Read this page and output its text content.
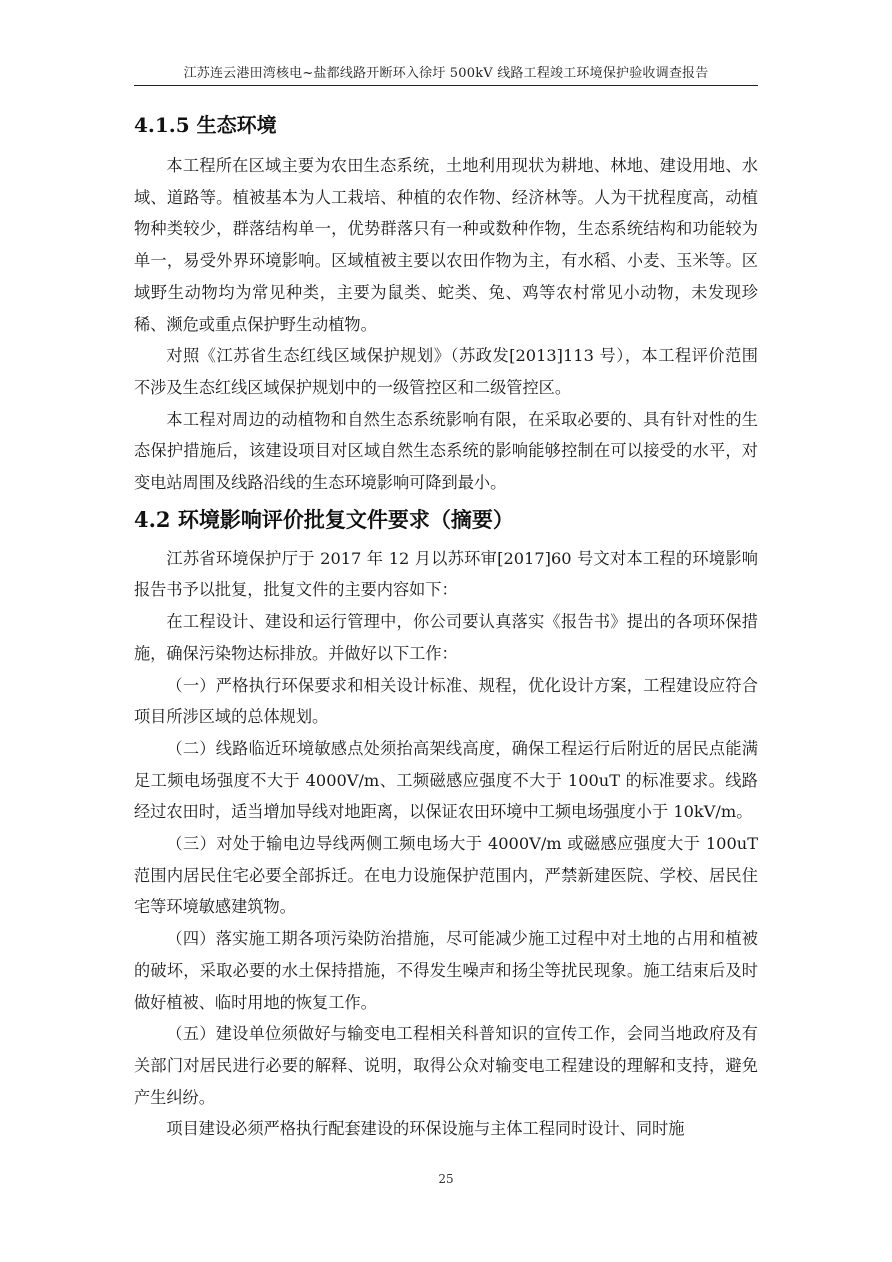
江苏连云港田湾核电~盐都线路开断环入徐圩 500kV 线路工程竣工环境保护验收调查报告
4.1.5 生态环境

本工程所在区域主要为农田生态系统，土地利用现状为耕地、林地、建设用地、水域、道路等。植被基本为人工栽培、种植的农作物、经济林等。人为干扰程度高，动植物种类较少，群落结构单一，优势群落只有一种或数种作物，生态系统结构和功能较为单一，易受外界环境影响。区域植被主要以农田作物为主，有水稻、小麦、玉米等。区域野生动物均为常见种类，主要为鼠类、蛇类、兔、鸡等农村常见小动物，未发现珍稀、濒危或重点保护野生动植物。

对照《江苏省生态红线区域保护规划》（苏政发[2013]113 号），本工程评价范围不涉及生态红线区域保护规划中的一级管控区和二级管控区。

本工程对周边的动植物和自然生态系统影响有限，在采取必要的、具有针对性的生态保护措施后，该建设项目对区域自然生态系统的影响能够控制在可以接受的水平，对变电站周围及线路沿线的生态环境影响可降到最小。

4.2 环境影响评价批复文件要求（摘要）

江苏省环境保护厅于 2017 年 12 月以苏环审[2017]60 号文对本工程的环境影响报告书予以批复，批复文件的主要内容如下：

在工程设计、建设和运行管理中，你公司要认真落实《报告书》提出的各项环保措施，确保污染物达标排放。并做好以下工作：

（一）严格执行环保要求和相关设计标准、规程，优化设计方案，工程建设应符合项目所涉区域的总体规划。

（二）线路临近环境敏感点处须抬高架线高度，确保工程运行后附近的居民点能满足工频电场强度不大于 4000V/m、工频磁感应强度不大于 100uT 的标准要求。线路经过农田时，适当增加导线对地距离，以保证农田环境中工频电场强度小于 10kV/m。

（三）对处于输电边导线两侧工频电场大于 4000V/m 或磁感应强度大于 100uT 范围内居民住宅必要全部拆迁。在电力设施保护范围内，严禁新建医院、学校、居民住宅等环境敏感建筑物。

（四）落实施工期各项污染防治措施，尽可能减少施工过程中对土地的占用和植被的破坏，采取必要的水土保持措施，不得发生噪声和扬尘等扰民现象。施工结束后及时做好植被、临时用地的恢复工作。

（五）建设单位须做好与输变电工程相关科普知识的宣传工作，会同当地政府及有关部门对居民进行必要的解释、说明，取得公众对输变电工程建设的理解和支持，避免产生纠纷。

项目建设必须严格执行配套建设的环保设施与主体工程同时设计、同时施

25
